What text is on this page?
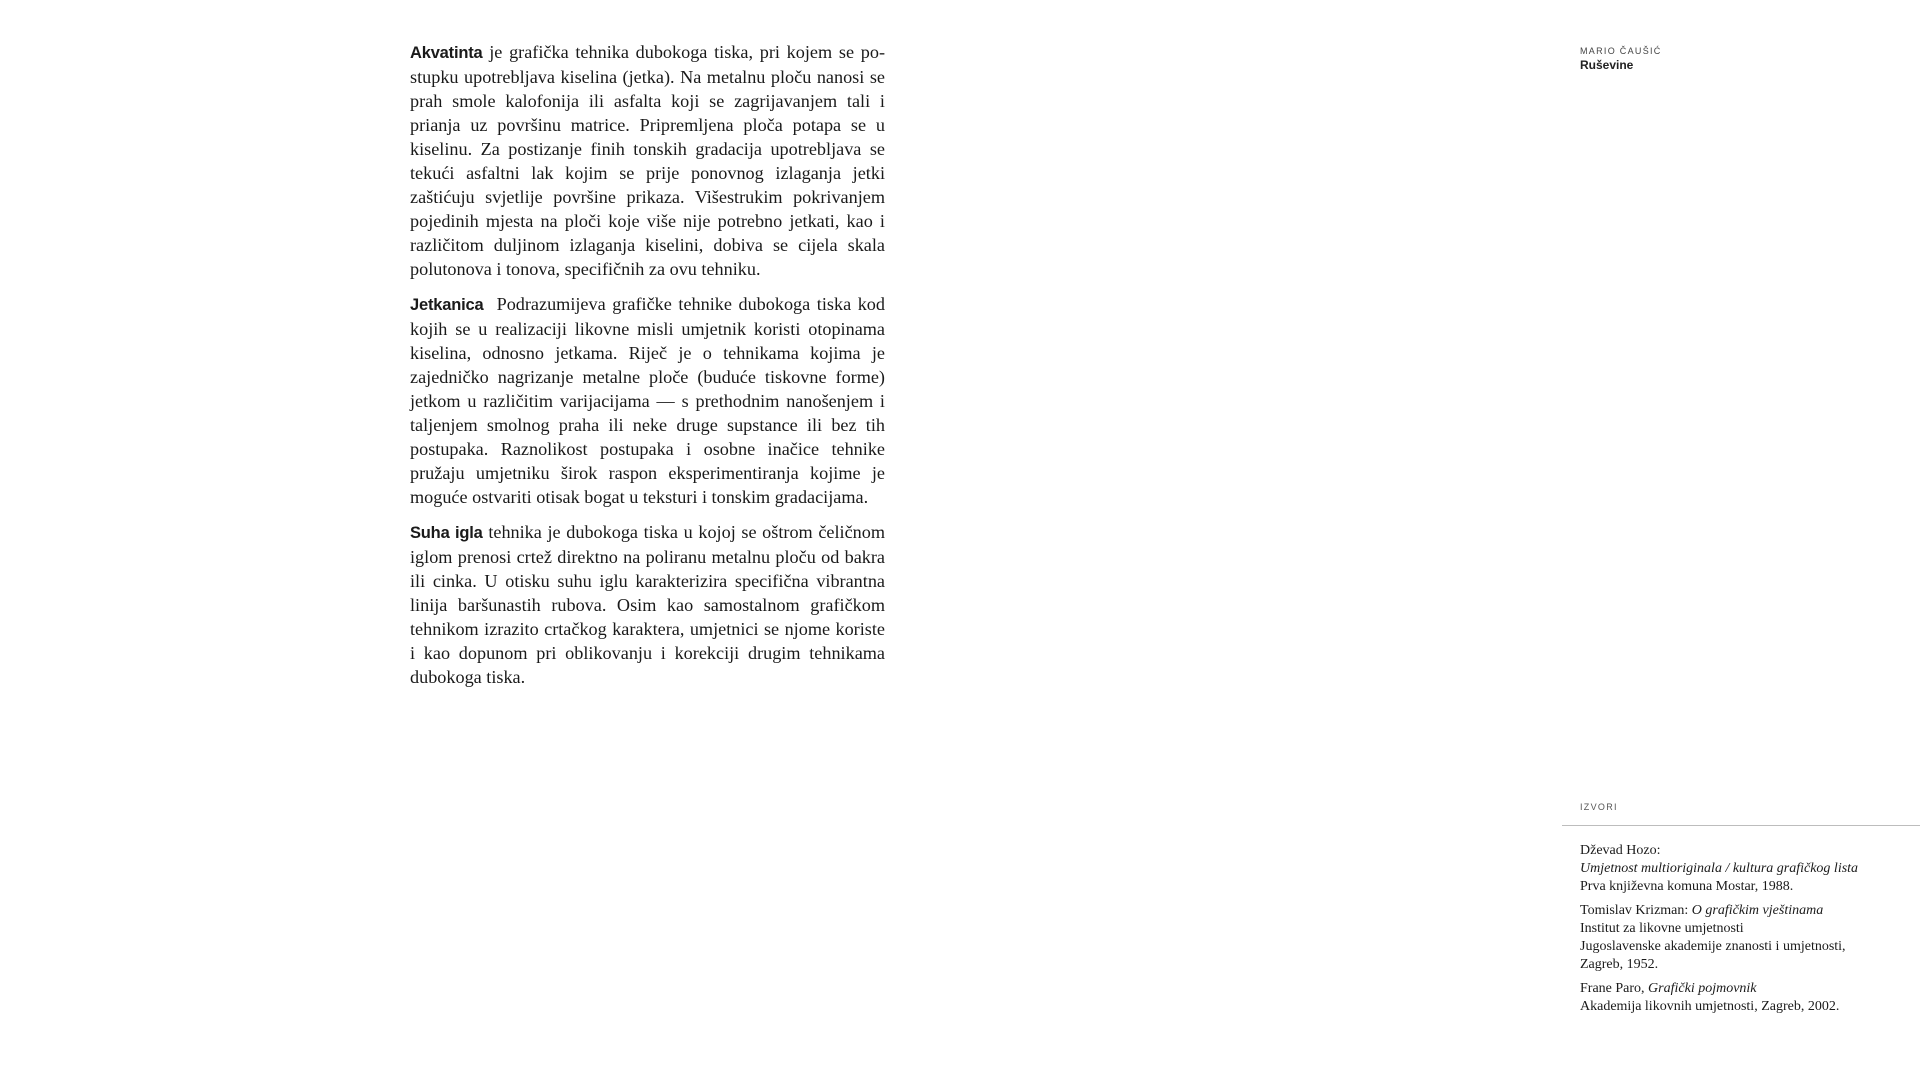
MARIO ČAUŠIĆ
Ruševine

Akvatinta je grafička tehnika dubokoga tiska, pri kojem se postupku upotrebljava kiselina (jetka). Na metalnu ploču nanosi se prah smole kalofonija ili asfalta koji se zagrijavanjem tali i prianja uz površinu matrice. Pripremljena ploča potapa se u kiselinu. Za postizanje finih tonskih gradacija upotrebljava se tekući asfaltni lak kojim se prije ponovnog izlaganja jetki zaštićuju svjetlije površine prikaza. Višestrukim pokrivanjem pojedinih mjesta na ploči koje više nije potrebno jetkati, kao i različitom duljinom izlaganja kiselini, dobiva se cijela skala polutonova i tonova, specifičnih za ovu tehniku.

Jetkanica Podrazumijeva grafičke tehnike dubokoga tiska kod kojih se u realizaciji likovne misli umjetnik koristi otopinama kiselina, odnosno jetkama. Riječ je o tehnikama kojima je zajedničko nagrizanje metalne ploče (buduće tiskovne forme) jetkom u različitim varijacijama — s prethodnim nanošenjem i taljenjem smolnog praha ili neke druge supstance ili bez tih postupaka. Raznolikost postupaka i osobne inačice tehnike pružaju umjetniku širok raspon eksperimentiranja kojime je moguće ostvariti otisak bogat u teksturi i tonskim gradacijama.

Suha igla tehnika je dubokoga tiska u kojoj se oštrom čeličnom iglom prenosi crtež direktno na poliranu metalnu ploču od bakra ili cinka. U otisku suhu iglu karakterizira specifična vibrantna linija baršunastih rubova. Osim kao samostalnom grafičkom tehnikom izrazito crtačkog karaktera, umjetnici se njome koriste i kao dopunom pri oblikovanju i korekciji drugim tehnikama dubokoga tiska.

IZVORI
Dževad Hozo:
Umjetnost multioriginala / kultura grafičkog lista
Prva književna komuna Mostar, 1988.
Tomislav Krizman: O grafičkim vještinama
Institut za likovne umjetnosti
Jugoslavenske akademije znanosti i umjetnosti,
Zagreb, 1952.
Frane Paro, Grafički pojmovnik
Akademija likovnih umjetnosti, Zagreb, 2002.
